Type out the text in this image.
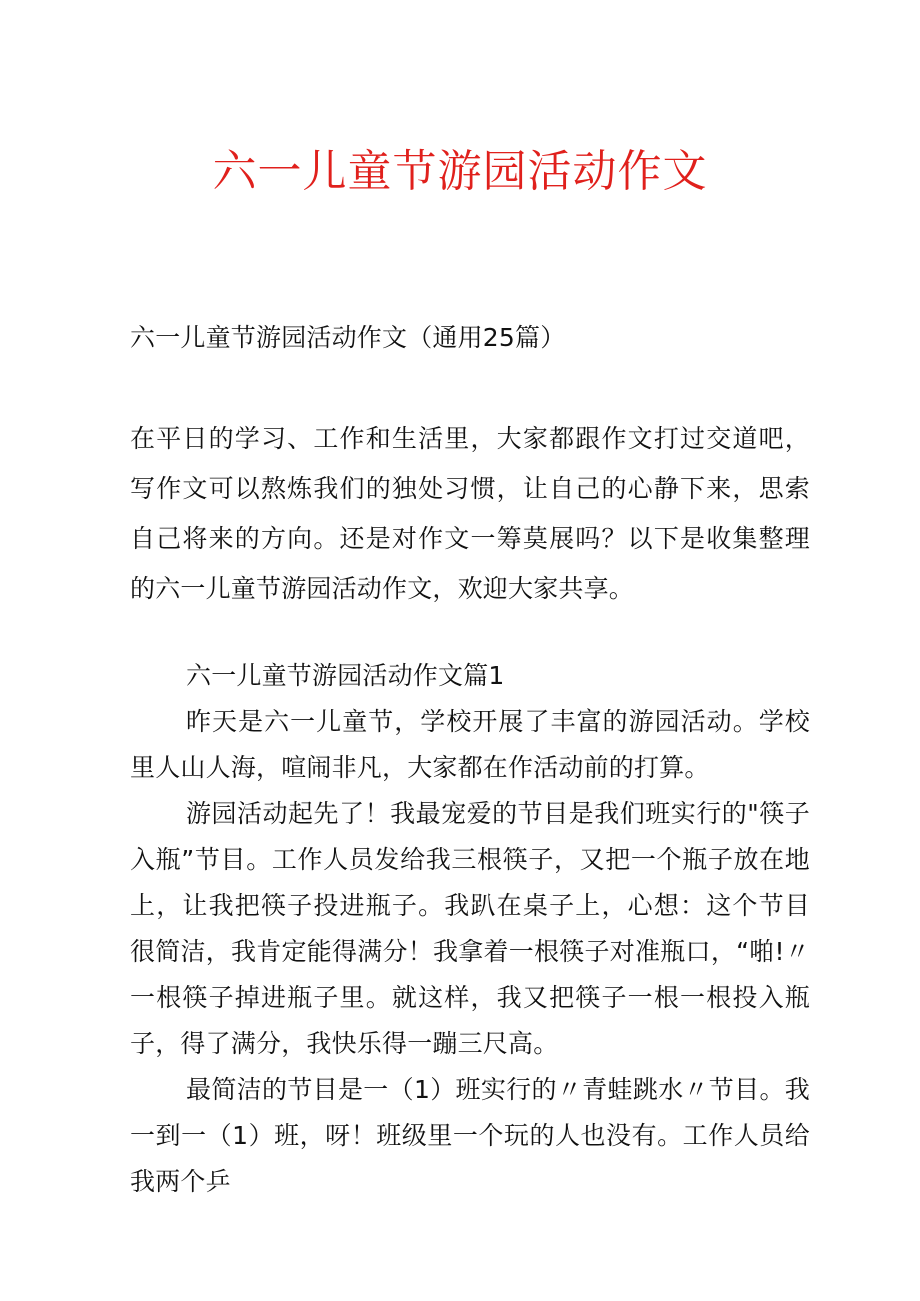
六一儿童节游园活动作文

六一儿童节游园活动作文（通用25篇）

在平日的学习、工作和生活里，大家都跟作文打过交道吧，写作文可以熬炼我们的独处习惯，让自己的心静下来，思索自己将来的方向。还是对作文一筹莫展吗？以下是收集整理的六一儿童节游园活动作文，欢迎大家共享。

六一儿童节游园活动作文篇1

昨天是六一儿童节，学校开展了丰富的游园活动。学校里人山人海，喧闹非凡，大家都在作活动前的打算。

游园活动起先了！我最宠爱的节目是我们班实行的"筷子入瓶”节目。工作人员发给我三根筷子，又把一个瓶子放在地上，让我把筷子投进瓶子。我趴在桌子上，心想：这个节目很简洁，我肯定能得满分！我拿着一根筷子对准瓶口，“啪!〃一根筷子掉进瓶子里。就这样，我又把筷子一根一根投入瓶子，得了满分，我快乐得一蹦三尺高。

最简洁的节目是一（1）班实行的〃青蛙跳水〃节目。我一到一（1）班，呀！班级里一个玩的人也没有。工作人员给我两个乒
